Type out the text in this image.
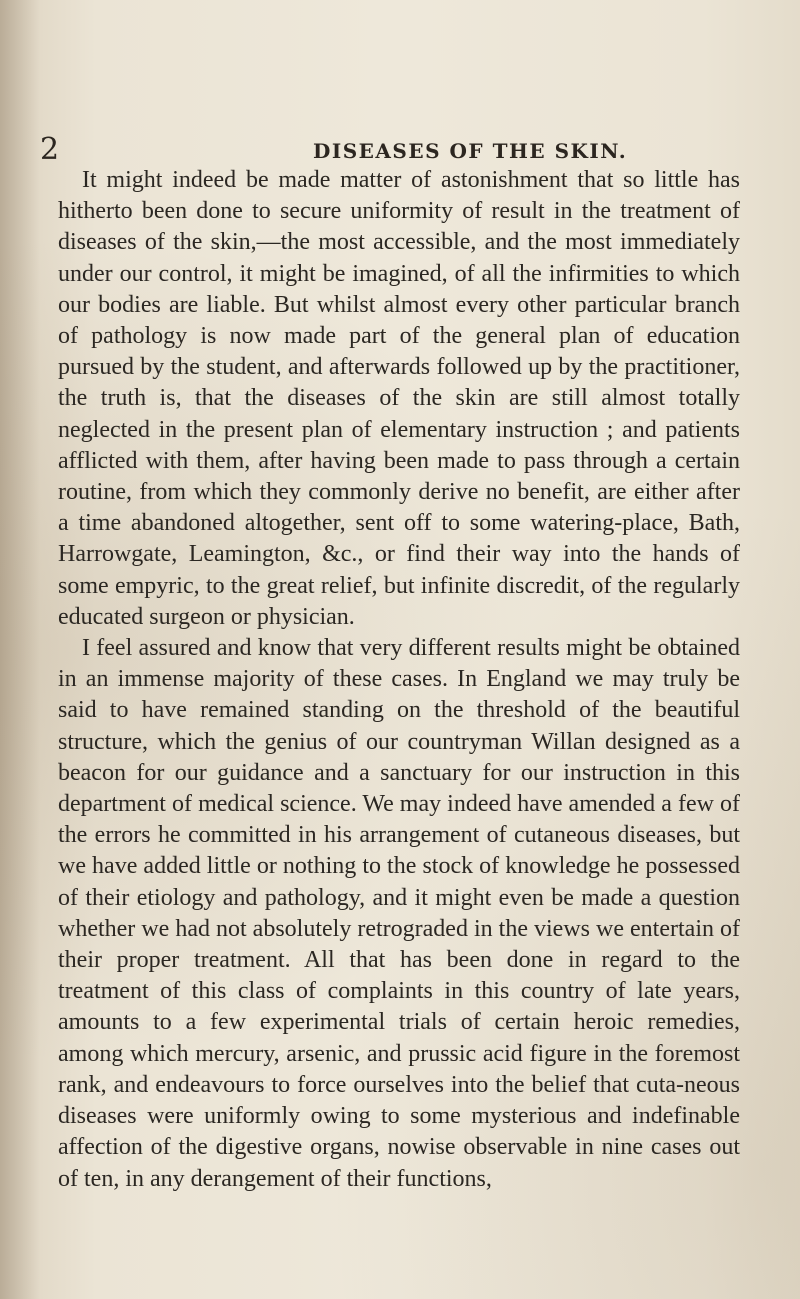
2	DISEASES OF THE SKIN.

It might indeed be made matter of astonishment that so little has hitherto been done to secure uniformity of result in the treatment of diseases of the skin,—the most accessible, and the most immediately under our control, it might be imagined, of all the infirmities to which our bodies are liable. But whilst almost every other particular branch of pathology is now made part of the general plan of education pursued by the student, and afterwards followed up by the practitioner, the truth is, that the diseases of the skin are still almost totally neglected in the present plan of elementary instruction ; and patients afflicted with them, after having been made to pass through a certain routine, from which they commonly derive no benefit, are either after a time abandoned altogether, sent off to some watering-place, Bath, Harrowgate, Leamington, &c., or find their way into the hands of some empyric, to the great relief, but infinite discredit, of the regularly educated surgeon or physician.

I feel assured and know that very different results might be obtained in an immense majority of these cases. In England we may truly be said to have remained standing on the threshold of the beautiful structure, which the genius of our countryman Willan designed as a beacon for our guidance and a sanctuary for our instruction in this department of medical science. We may indeed have amended a few of the errors he committed in his arrangement of cutaneous diseases, but we have added little or nothing to the stock of knowledge he possessed of their etiology and pathology, and it might even be made a question whether we had not absolutely retrograded in the views we entertain of their proper treatment. All that has been done in regard to the treatment of this class of complaints in this country of late years, amounts to a few experimental trials of certain heroic remedies, among which mercury, arsenic, and prussic acid figure in the foremost rank, and endeavours to force ourselves into the belief that cuta-neous diseases were uniformly owing to some mysterious and indefinable affection of the digestive organs, nowise observable in nine cases out of ten, in any derangement of their functions,
